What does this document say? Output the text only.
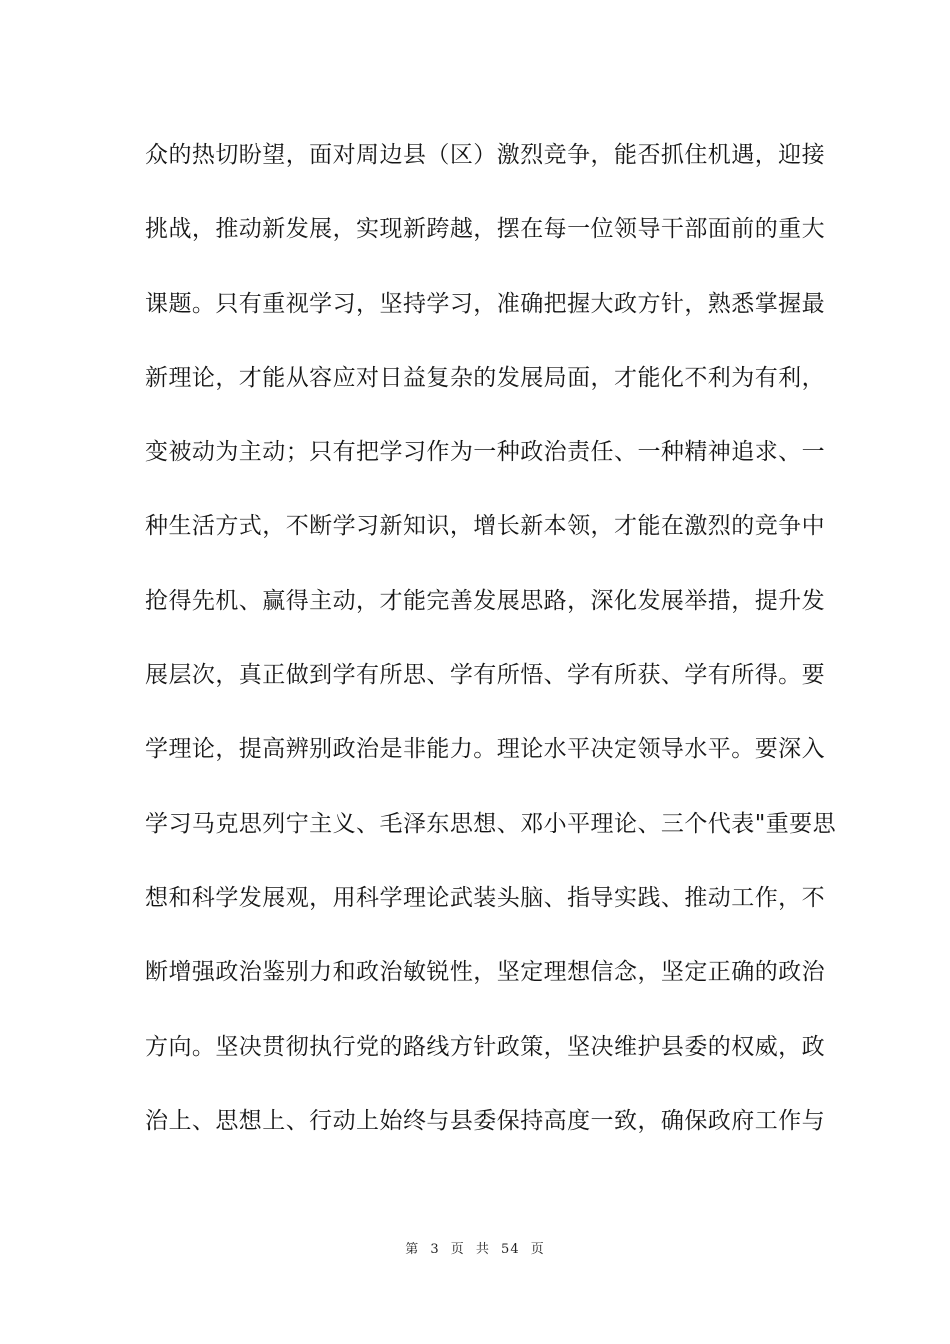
众的热切盼望，面对周边县（区）激烈竞争，能否抓住机遇，迎接
挑战，推动新发展，实现新跨越，摆在每一位领导干部面前的重大
课题。只有重视学习，坚持学习，准确把握大政方针，熟悉掌握最
新理论，才能从容应对日益复杂的发展局面，才能化不利为有利，
变被动为主动；只有把学习作为一种政治责任、一种精神追求、一
种生活方式，不断学习新知识，增长新本领，才能在激烈的竞争中
抢得先机、赢得主动，才能完善发展思路，深化发展举措，提升发
展层次，真正做到学有所思、学有所悟、学有所获、学有所得。要
学理论，提高辨别政治是非能力。理论水平决定领导水平。要深入
学习马克思列宁主义、毛泽东思想、邓小平理论、三个代表"重要思
想和科学发展观，用科学理论武装头脑、指导实践、推动工作，不
断增强政治鉴别力和政治敏锐性，坚定理想信念，坚定正确的政治
方向。坚决贯彻执行党的路线方针政策，坚决维护县委的权威，政
治上、思想上、行动上始终与县委保持高度一致，确保政府工作与
第 3 页 共 54 页
